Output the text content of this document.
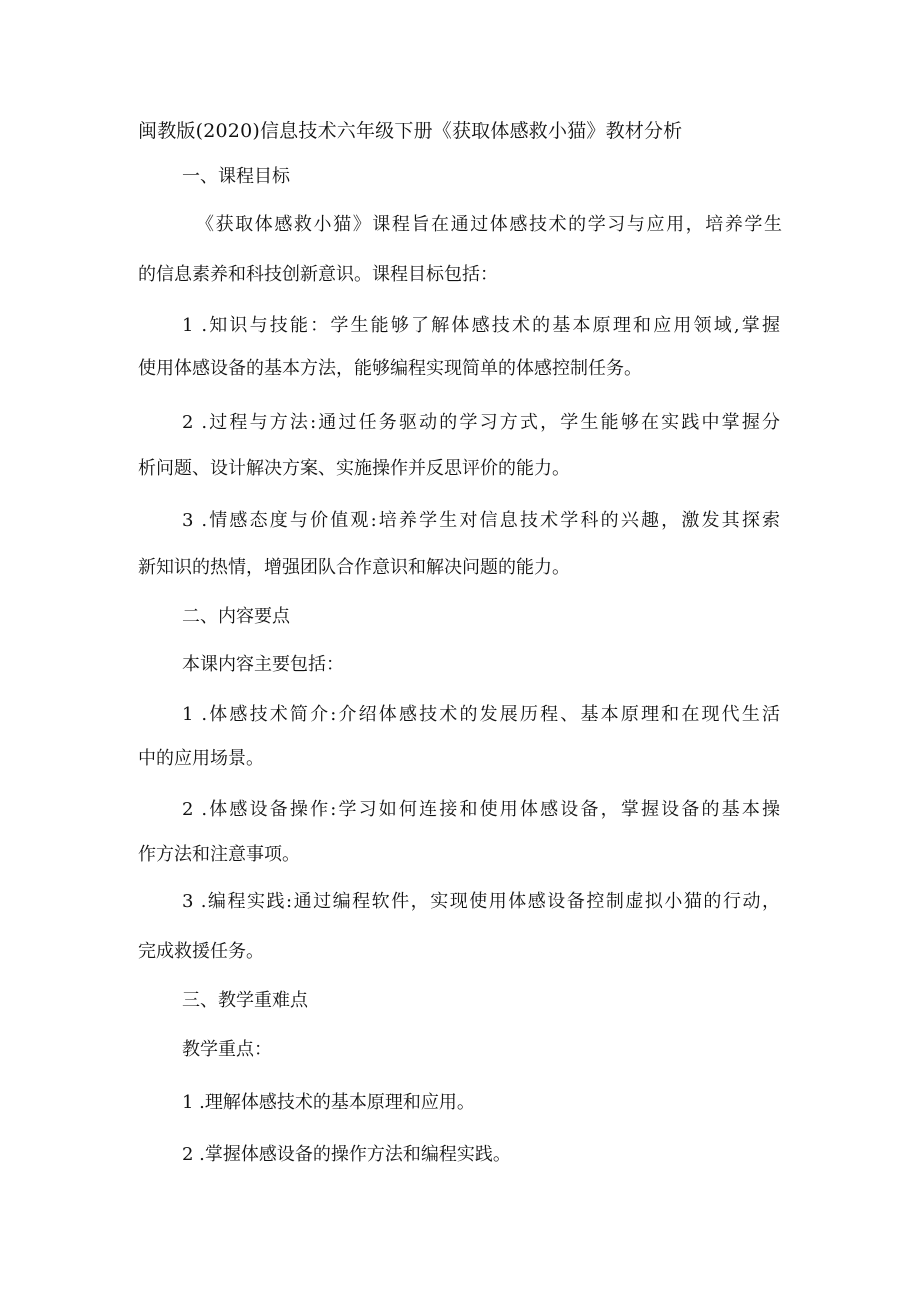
闽教版(2020)信息技术六年级下册《获取体感救小猫》教材分析
一、课程目标
《获取体感救小猫》课程旨在通过体感技术的学习与应用，培养学生
的信息素养和科技创新意识。课程目标包括：
1 .知识与技能：学生能够了解体感技术的基本原理和应用领域,掌握
使用体感设备的基本方法，能够编程实现简单的体感控制任务。
2 .过程与方法:通过任务驱动的学习方式，学生能够在实践中掌握分
析问题、设计解决方案、实施操作并反思评价的能力。
3 .情感态度与价值观:培养学生对信息技术学科的兴趣，激发其探索
新知识的热情，增强团队合作意识和解决问题的能力。
二、内容要点
本课内容主要包括：
1 .体感技术简介:介绍体感技术的发展历程、基本原理和在现代生活
中的应用场景。
2 .体感设备操作:学习如何连接和使用体感设备，掌握设备的基本操
作方法和注意事项。
3 .编程实践:通过编程软件，实现使用体感设备控制虚拟小猫的行动，
完成救援任务。
三、教学重难点
教学重点：
1 .理解体感技术的基本原理和应用。
2 .掌握体感设备的操作方法和编程实践。
